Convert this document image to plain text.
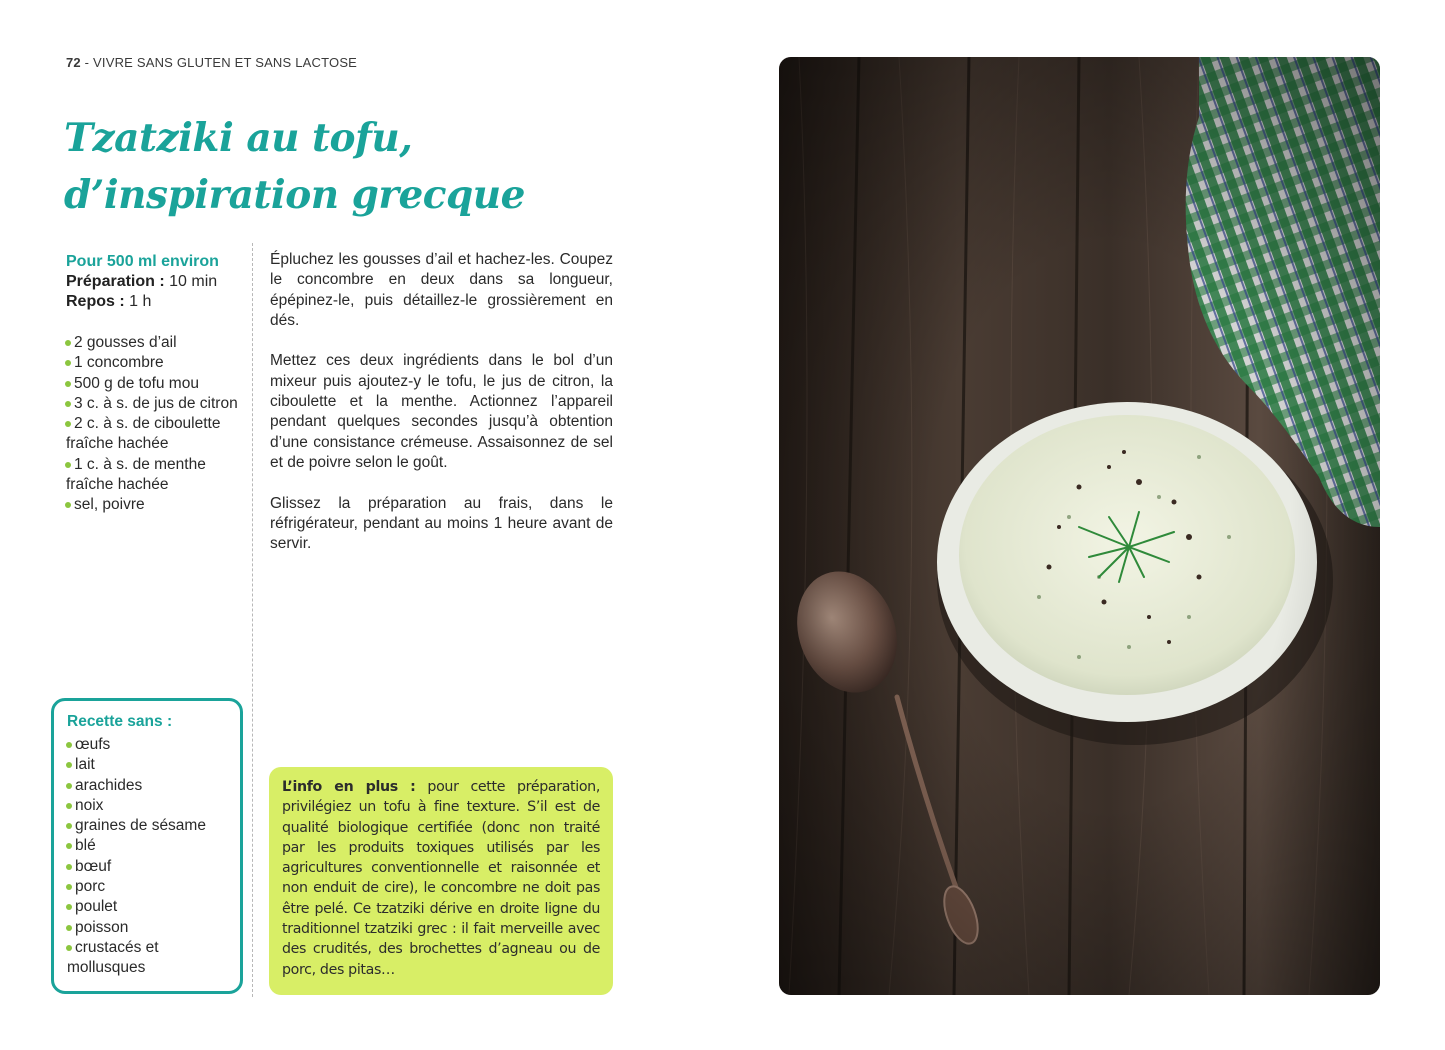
72 - VIVRE SANS GLUTEN ET SANS LACTOSE
Tzatziki au tofu,
d’inspiration grecque
Pour 500 ml environ
Préparation : 10 min
Repos : 1 h
2 gousses d’ail
1 concombre
500 g de tofu mou
3 c. à s. de jus de citron
2 c. à s. de ciboulette fraîche hachée
1 c. à s. de menthe fraîche hachée
sel, poivre

Épluchez les gousses d’ail et hachez-les. Coupez le concombre en deux dans sa longueur, épépinez-le, puis détaillez-le grossièrement en dés.

Mettez ces deux ingrédients dans le bol d’un mixeur puis ajoutez-y le tofu, le jus de citron, la ciboulette et la menthe. Actionnez l’appareil pendant quelques secondes jusqu’à obtention d’une consistance crémeuse. Assaisonnez de sel et de poivre selon le goût.

Glissez la préparation au frais, dans le réfrigérateur, pendant au moins 1 heure avant de servir.

Recette sans :
œufs
lait
arachides
noix
graines de sésame
blé
bœuf
porc
poulet
poisson
crustacés et mollusques
L’info en plus : pour cette préparation, privilégiez un tofu à fine texture. S’il est de qualité biologique certifiée (donc non traité par les produits toxiques utilisés par les agricultures conventionnelle et raisonnée et non enduit de cire), le concombre ne doit pas être pelé. Ce tzatziki dérive en droite ligne du traditionnel tzatziki grec : il fait merveille avec des crudités, des brochettes d’agneau ou de porc, des pitas…
